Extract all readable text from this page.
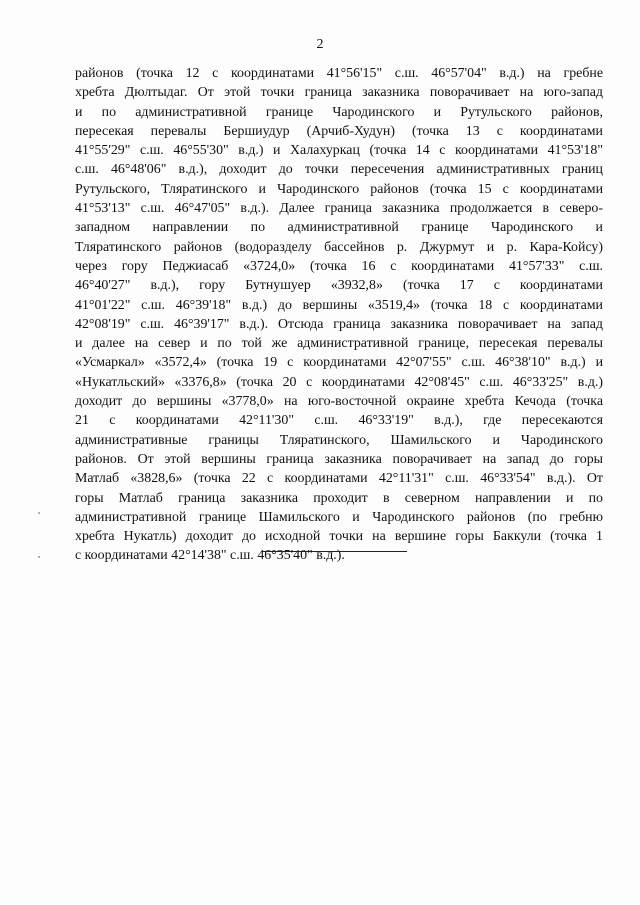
2
районов (точка 12 с координатами 41°56'15" с.ш. 46°57'04" в.д.) на гребне
хребта Дюлтыдаг. От этой точки граница заказника поворачивает на юго-запад
и по административной границе Чародинского и Рутульского районов,
пересекая перевалы Бершиудур (Арчиб-Худун) (точка 13 с координатами
41°55'29" с.ш. 46°55'30" в.д.) и Халахуркац (точка 14 с координатами 41°53'18"
с.ш. 46°48'06" в.д.), доходит до точки пересечения административных границ
Рутульского, Тляратинского и Чародинского районов (точка 15 с координатами
41°53'13" с.ш. 46°47'05" в.д.). Далее граница заказника продолжается в северо-
западном направлении по административной границе Чародинского и
Тляратинского районов (водоразделу бассейнов р. Джурмут и р. Кара-Койсу)
через гору Педжиасаб «3724,0» (точка 16 с координатами 41°57'33" с.ш.
46°40'27" в.д.), гору Бутнушуер «3932,8» (точка 17 с координатами
41°01'22" с.ш. 46°39'18" в.д.) до вершины «3519,4» (точка 18 с координатами
42°08'19" с.ш. 46°39'17" в.д.). Отсюда граница заказника поворачивает на запад
и далее на север и по той же административной границе, пересекая перевалы
«Усмаркал» «3572,4» (точка 19 с координатами 42°07'55" с.ш. 46°38'10" в.д.) и
«Нукатльский» «3376,8» (точка 20 с координатами 42°08'45" с.ш. 46°33'25" в.д.)
доходит до вершины «3778,0» на юго-восточной окраине хребта Кечода (точка
21 с координатами 42°11'30" с.ш. 46°33'19" в.д.), где пересекаются
административные границы Тляратинского, Шамильского и Чародинского
районов. От этой вершины граница заказника поворачивает на запад до горы
Матлаб «3828,6» (точка 22 с координатами 42°11'31" с.ш. 46°33'54" в.д.). От
горы Матлаб граница заказника проходит в северном направлении и по
административной границе Шамильского и Чародинского районов (по гребню
хребта Нукатль) доходит до исходной точки на вершине горы Баккули (точка 1
с координатами 42°14'38" с.ш. 46°35'40" в.д.).
